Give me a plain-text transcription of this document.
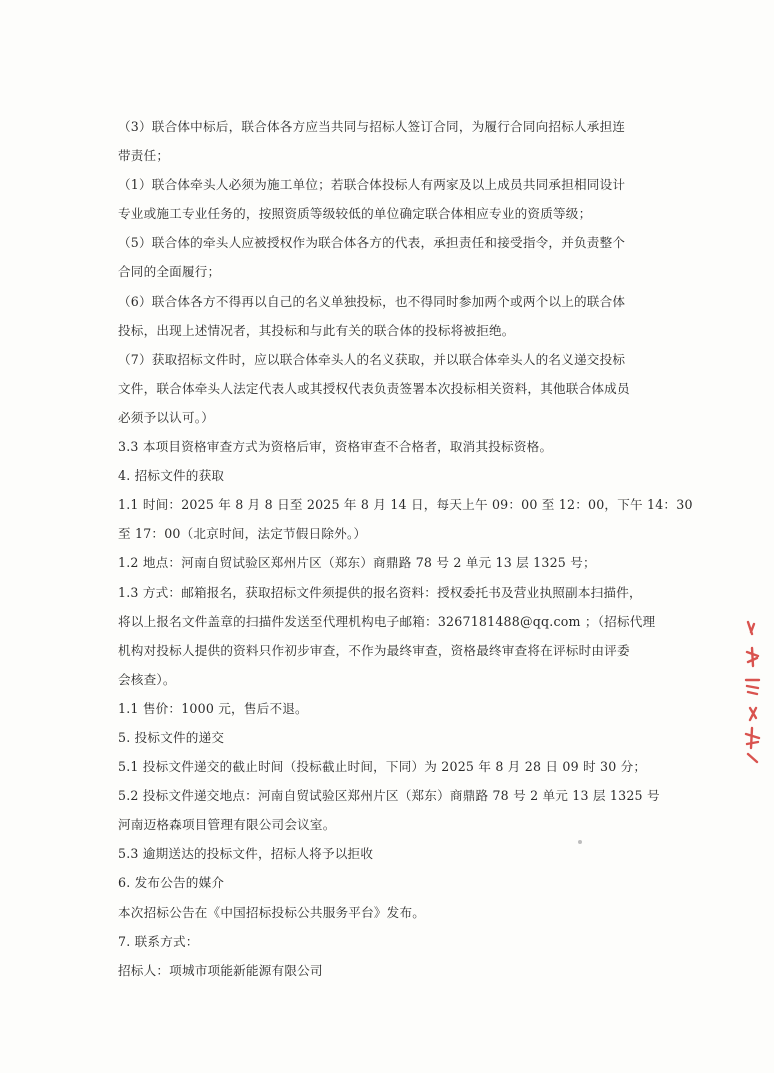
（3）联合体中标后，联合体各方应当共同与招标人签订合同，为履行合同向招标人承担连
带责任；
（1）联合体牵头人必须为施工单位；若联合体投标人有两家及以上成员共同承担相同设计
专业或施工专业任务的，按照资质等级较低的单位确定联合体相应专业的资质等级；
（5）联合体的牵头人应被授权作为联合体各方的代表，承担责任和接受指令，并负责整个
合同的全面履行；
（6）联合体各方不得再以自己的名义单独投标，也不得同时参加两个或两个以上的联合体
投标，出现上述情况者，其投标和与此有关的联合体的投标将被拒绝。
（7）获取招标文件时，应以联合体牵头人的名义获取，并以联合体牵头人的名义递交投标
文件，联合体牵头人法定代表人或其授权代表负责签署本次投标相关资料，其他联合体成员
必须予以认可。）
3.3 本项目资格审查方式为资格后审，资格审查不合格者，取消其投标资格。
4. 招标文件的获取
1.1 时间：2025 年 8 月 8 日至 2025 年 8 月 14 日，每天上午 09：00 至 12：00，下午 14：30
至 17：00（北京时间，法定节假日除外。）
1.2 地点：河南自贸试验区郑州片区（郑东）商鼎路 78 号 2 单元 13 层 1325 号；
1.3 方式：邮箱报名，获取招标文件须提供的报名资料：授权委托书及营业执照副本扫描件，
将以上报名文件盖章的扫描件发送至代理机构电子邮箱：3267181488@qq.com ；（招标代理
机构对投标人提供的资料只作初步审查，不作为最终审查，资格最终审查将在评标时由评委
会核查）。
1.1 售价：1000 元，售后不退。
5. 投标文件的递交
5.1 投标文件递交的截止时间（投标截止时间，下同）为 2025 年 8 月 28 日 09 时 30 分；
5.2 投标文件递交地点：河南自贸试验区郑州片区（郑东）商鼎路 78 号 2 单元 13 层 1325 号
河南迈格森项目管理有限公司会议室。
5.3 逾期送达的投标文件，招标人将予以拒收
6. 发布公告的媒介
本次招标公告在《中国招标投标公共服务平台》发布。
7. 联系方式：
招标人：项城市项能新能源有限公司
